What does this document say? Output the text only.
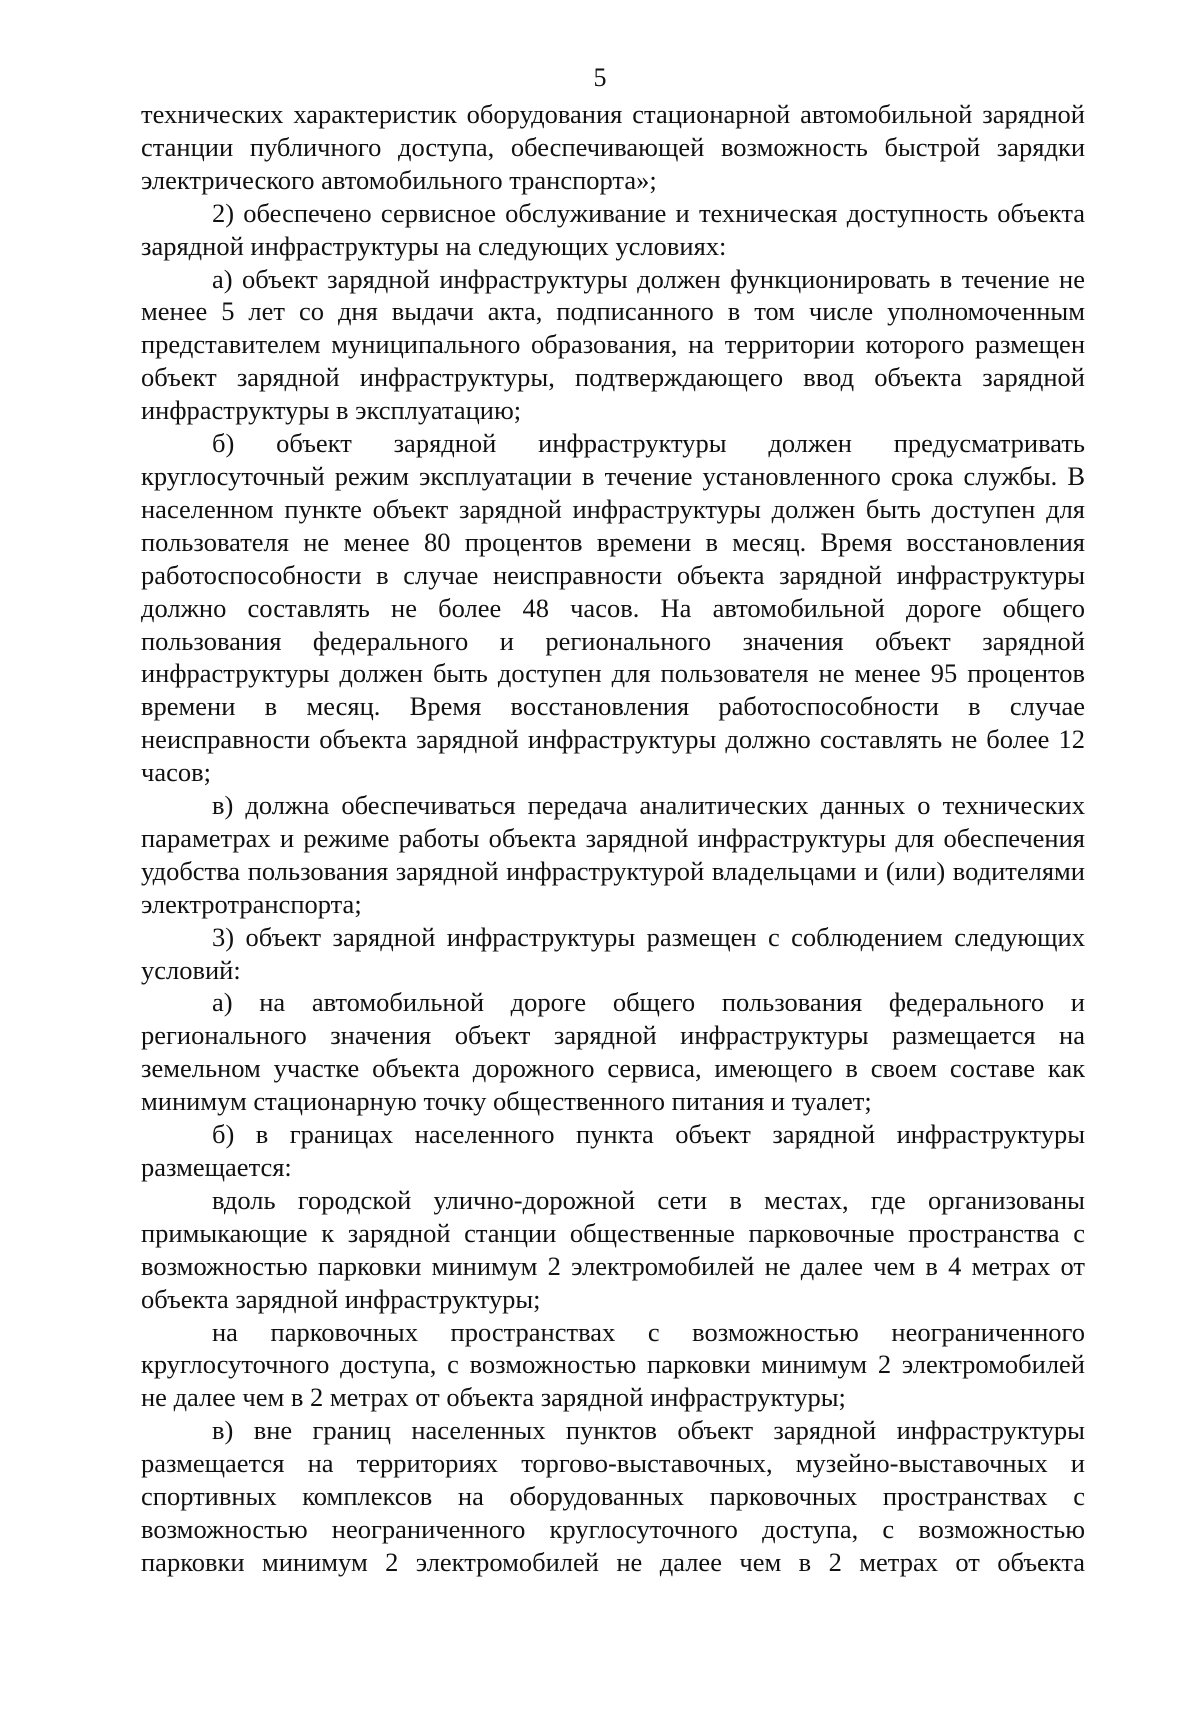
5

технических характеристик оборудования стационарной автомобильной зарядной станции публичного доступа, обеспечивающей возможность быстрой зарядки электрического автомобильного транспорта»;

2) обеспечено сервисное обслуживание и техническая доступность объекта зарядной инфраструктуры на следующих условиях:

а) объект зарядной инфраструктуры должен функционировать в течение не менее 5 лет со дня выдачи акта, подписанного в том числе уполномоченным представителем муниципального образования, на территории которого размещен объект зарядной инфраструктуры, подтверждающего ввод объекта зарядной инфраструктуры в эксплуатацию;

б) объект зарядной инфраструктуры должен предусматривать круглосуточный режим эксплуатации в течение установленного срока службы. В населенном пункте объект зарядной инфраструктуры должен быть доступен для пользователя не менее 80 процентов времени в месяц. Время восстановления работоспособности в случае неисправности объекта зарядной инфраструктуры должно составлять не более 48 часов. На автомобильной дороге общего пользования федерального и регионального значения объект зарядной инфраструктуры должен быть доступен для пользователя не менее 95 процентов времени в месяц. Время восстановления работоспособности в случае неисправности объекта зарядной инфраструктуры должно составлять не более 12 часов;

в) должна обеспечиваться передача аналитических данных о технических параметрах и режиме работы объекта зарядной инфраструктуры для обеспечения удобства пользования зарядной инфраструктурой владельцами и (или) водителями электротранспорта;

3) объект зарядной инфраструктуры размещен с соблюдением следующих условий:

а) на автомобильной дороге общего пользования федерального и регионального значения объект зарядной инфраструктуры размещается на земельном участке объекта дорожного сервиса, имеющего в своем составе как минимум стационарную точку общественного питания и туалет;

б) в границах населенного пункта объект зарядной инфраструктуры размещается:

вдоль городской улично-дорожной сети в местах, где организованы примыкающие к зарядной станции общественные парковочные пространства с возможностью парковки минимум 2 электромобилей не далее чем в 4 метрах от объекта зарядной инфраструктуры;

на парковочных пространствах с возможностью неограниченного круглосуточного доступа, с возможностью парковки минимум 2 электромобилей не далее чем в 2 метрах от объекта зарядной инфраструктуры;

в) вне границ населенных пунктов объект зарядной инфраструктуры размещается на территориях торгово-выставочных, музейно-выставочных и спортивных комплексов на оборудованных парковочных пространствах с возможностью неограниченного круглосуточного доступа, с возможностью парковки минимум 2 электромобилей не далее чем в 2 метрах от объекта
